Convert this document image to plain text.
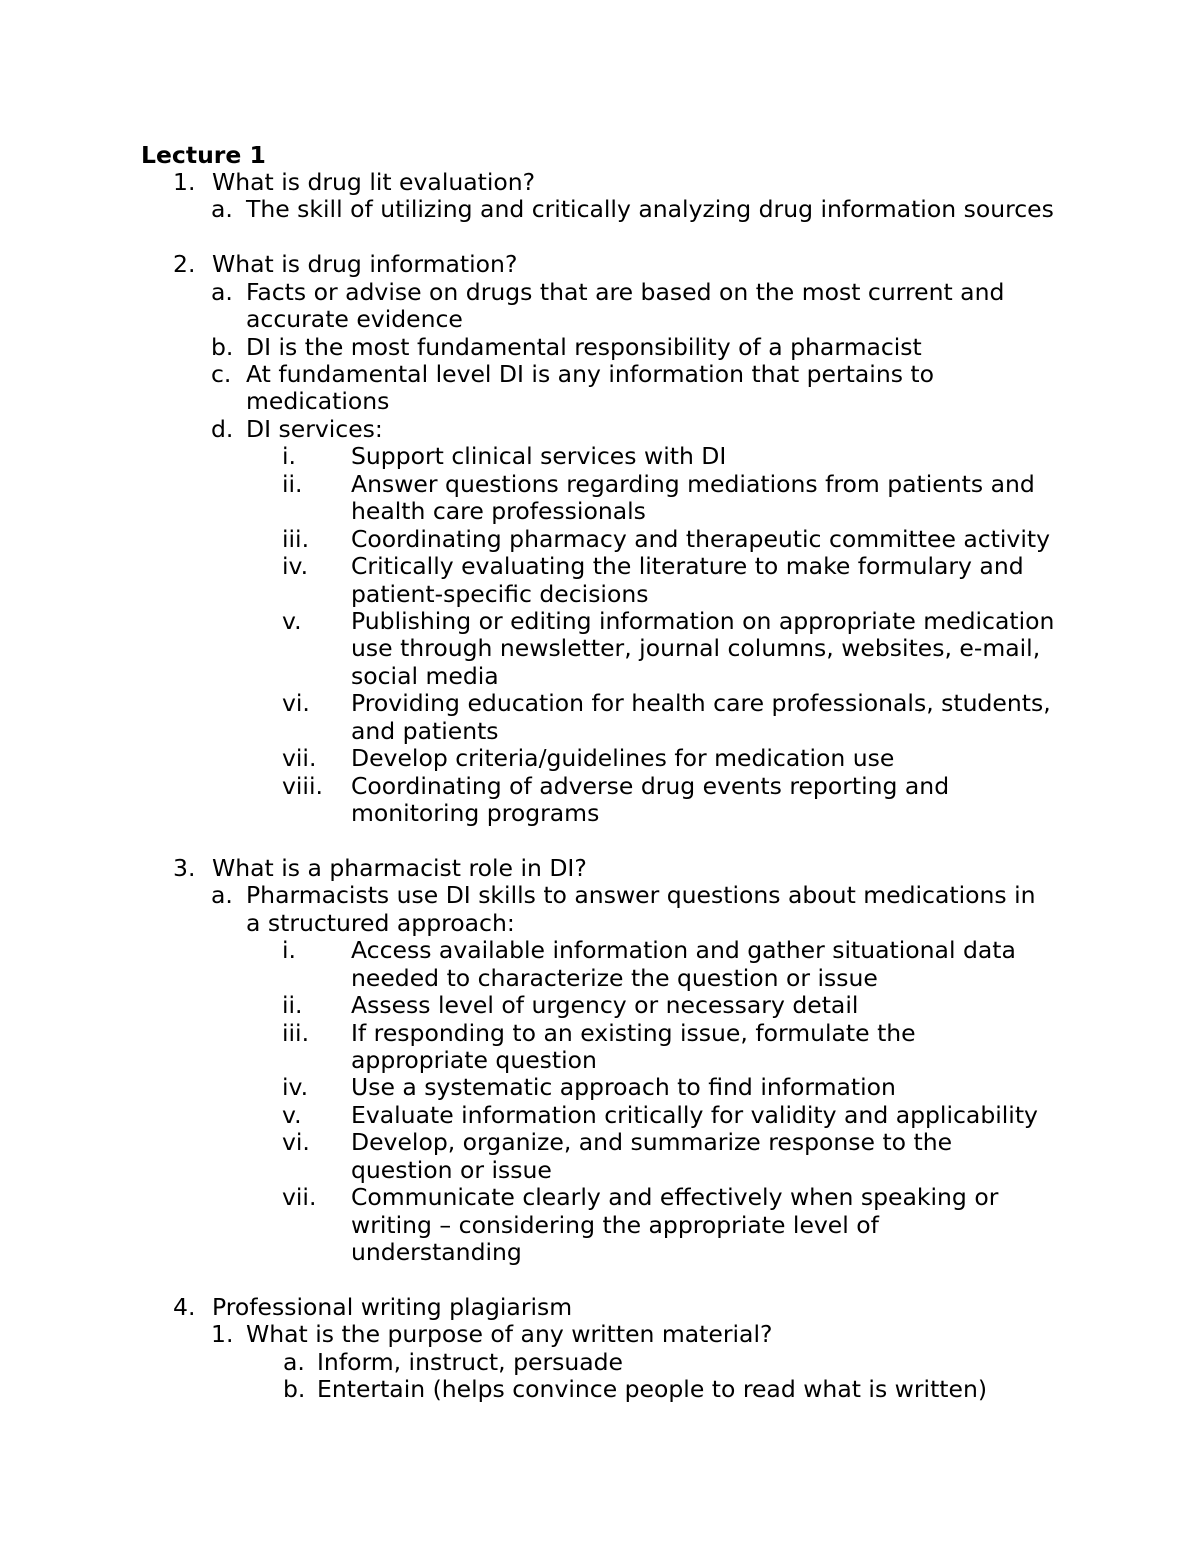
Lecture 1
1. What is drug lit evaluation?
a. The skill of utilizing and critically analyzing drug information sources
2. What is drug information?
a. Facts or advise on drugs that are based on the most current and
accurate evidence
b. DI is the most fundamental responsibility of a pharmacist
c. At fundamental level DI is any information that pertains to
medications
d. DI services:
i. Support clinical services with DI
ii. Answer questions regarding mediations from patients and
health care professionals
iii. Coordinating pharmacy and therapeutic committee activity
iv. Critically evaluating the literature to make formulary and
patient-specific decisions
v. Publishing or editing information on appropriate medication
use through newsletter, journal columns, websites, e-mail,
social media
vi. Providing education for health care professionals, students,
and patients
vii. Develop criteria/guidelines for medication use
viii. Coordinating of adverse drug events reporting and
monitoring programs
3. What is a pharmacist role in DI?
a. Pharmacists use DI skills to answer questions about medications in
a structured approach:
i. Access available information and gather situational data
needed to characterize the question or issue
ii. Assess level of urgency or necessary detail
iii. If responding to an existing issue, formulate the
appropriate question
iv. Use a systematic approach to find information
v. Evaluate information critically for validity and applicability
vi. Develop, organize, and summarize response to the
question or issue
vii. Communicate clearly and effectively when speaking or
writing – considering the appropriate level of
understanding
4. Professional writing plagiarism
1. What is the purpose of any written material?
a. Inform, instruct, persuade
b. Entertain (helps convince people to read what is written)
